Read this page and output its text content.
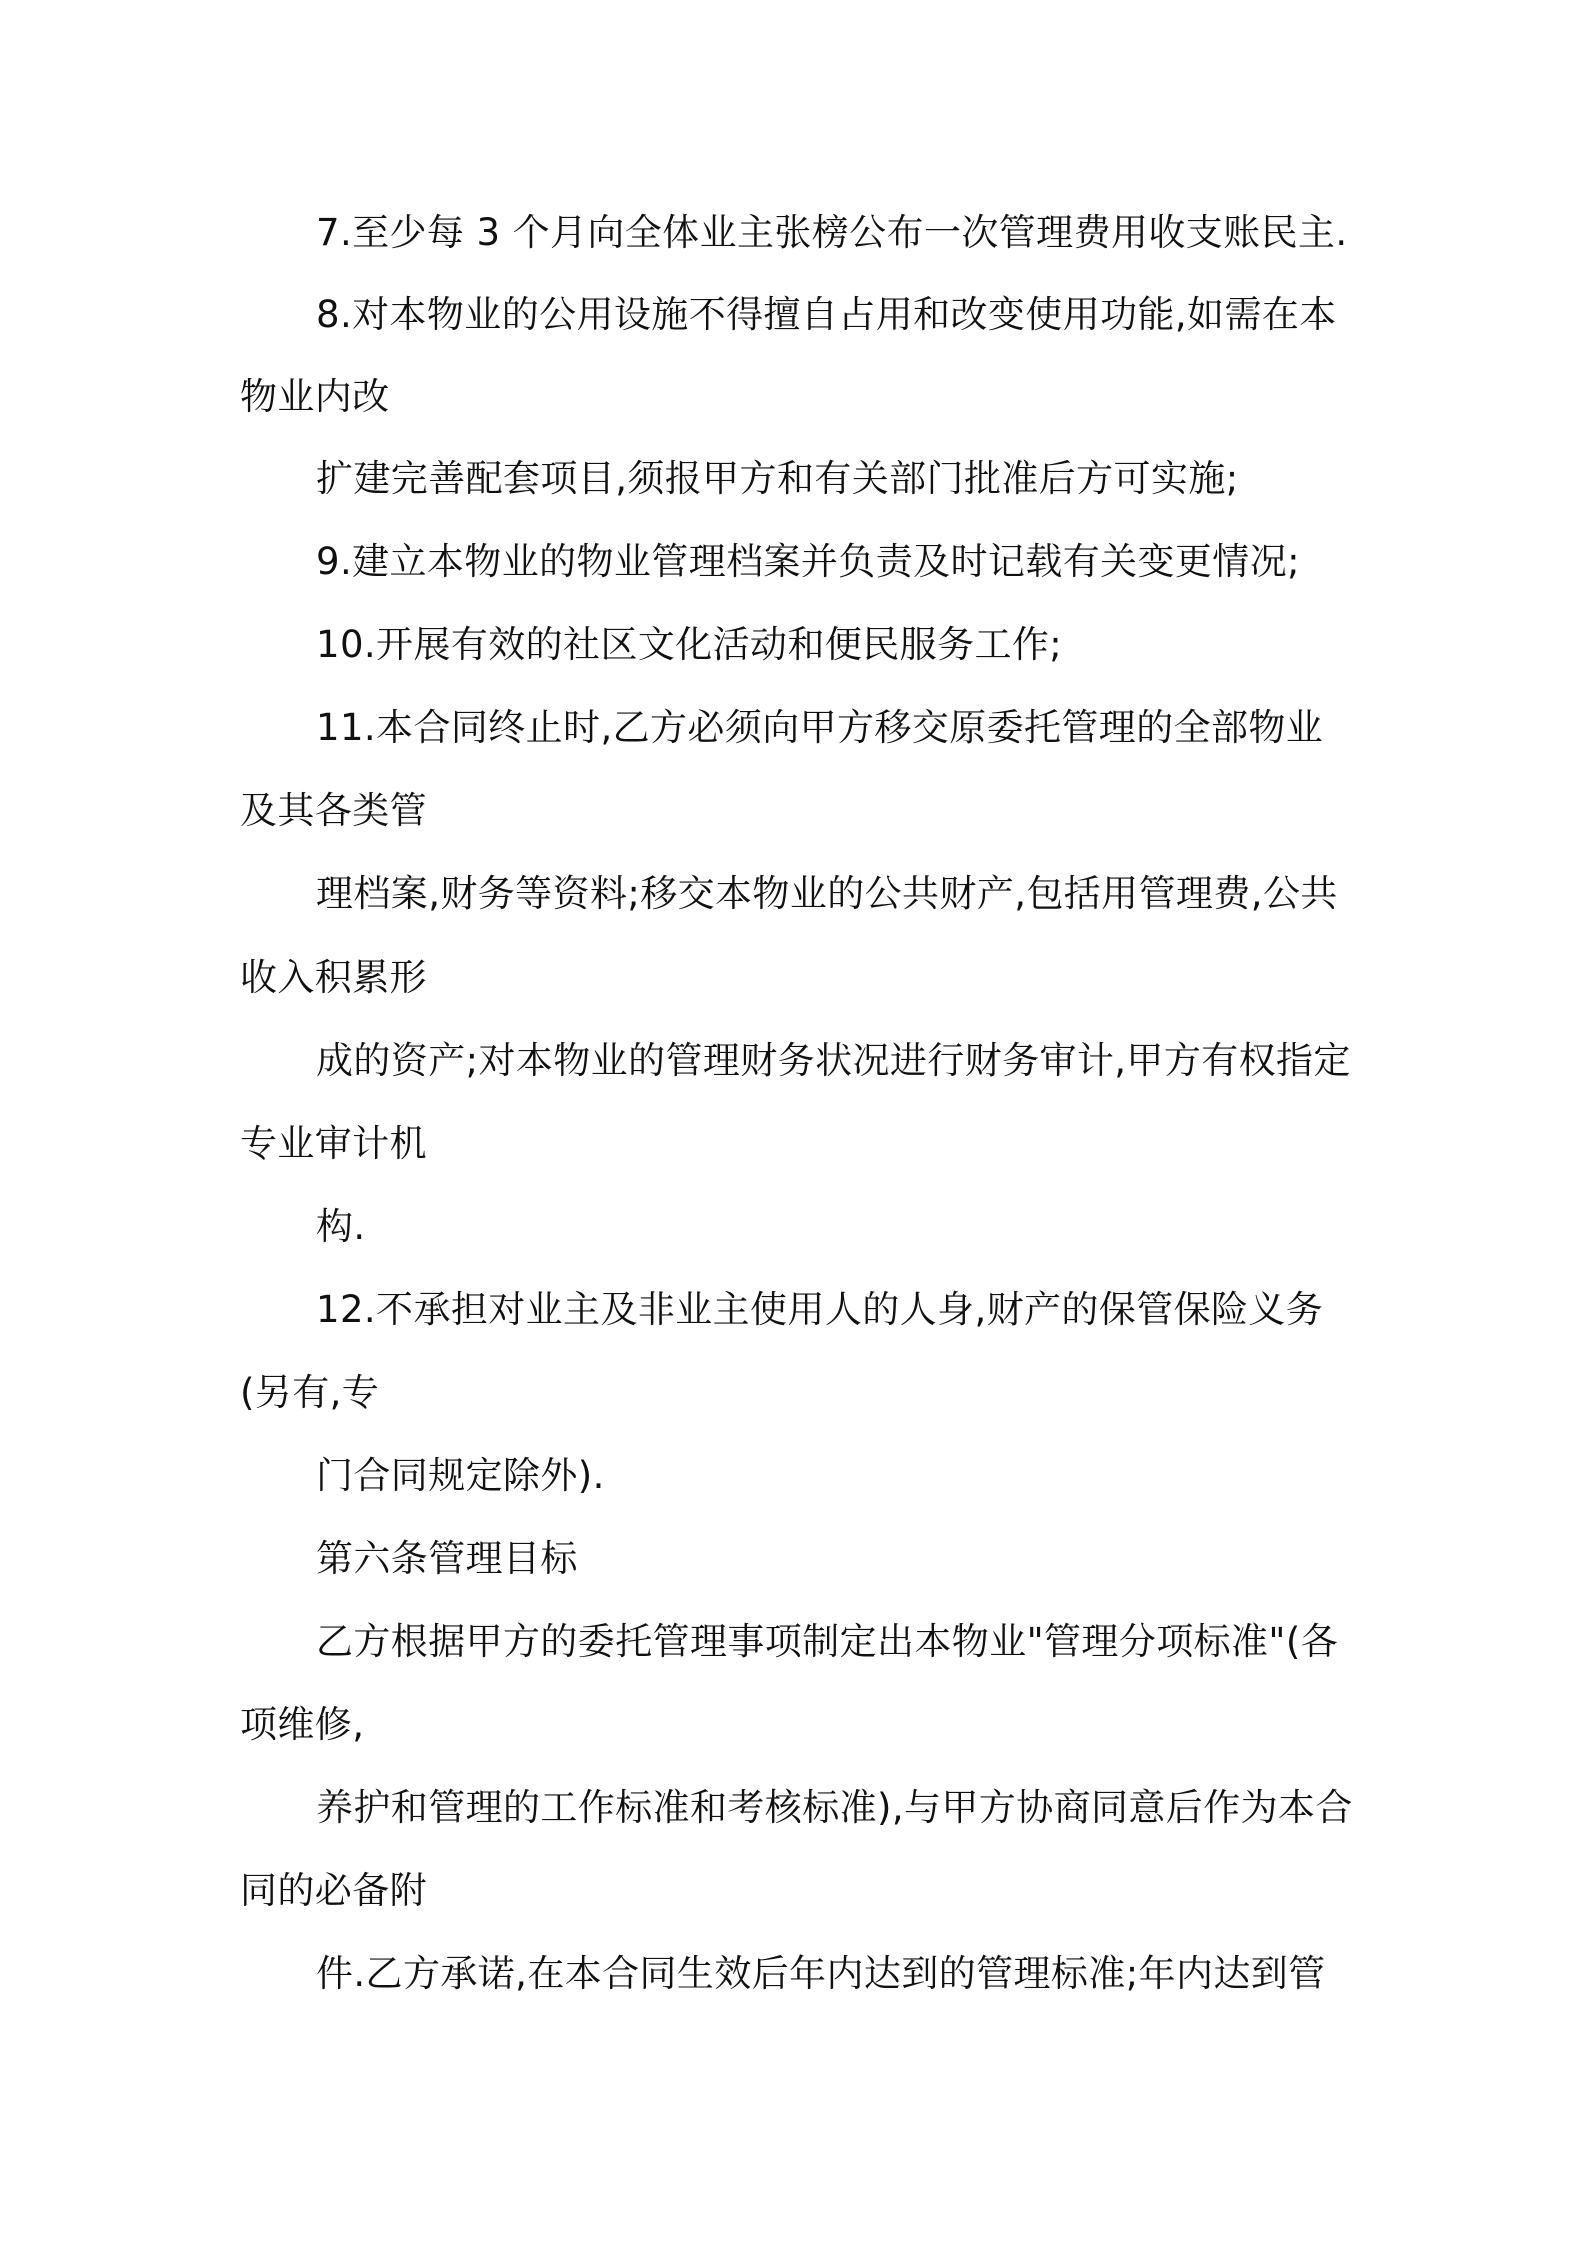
7.至少每 3 个月向全体业主张榜公布一次管理费用收支账民主.

8.对本物业的公用设施不得擅自占用和改变使用功能,如需在本

物业内改

扩建完善配套项目,须报甲方和有关部门批准后方可实施;

9.建立本物业的物业管理档案并负责及时记载有关变更情况;

10.开展有效的社区文化活动和便民服务工作;

11.本合同终止时,乙方必须向甲方移交原委托管理的全部物业

及其各类管

理档案,财务等资料;移交本物业的公共财产,包括用管理费,公共

收入积累形

成的资产;对本物业的管理财务状况进行财务审计,甲方有权指定

专业审计机

构.

12.不承担对业主及非业主使用人的人身,财产的保管保险义务

(另有,专

门合同规定除外).

第六条管理目标

乙方根据甲方的委托管理事项制定出本物业"管理分项标准"(各

项维修,

养护和管理的工作标准和考核标准),与甲方协商同意后作为本合

同的必备附

件.乙方承诺,在本合同生效后年内达到的管理标准;年内达到管
